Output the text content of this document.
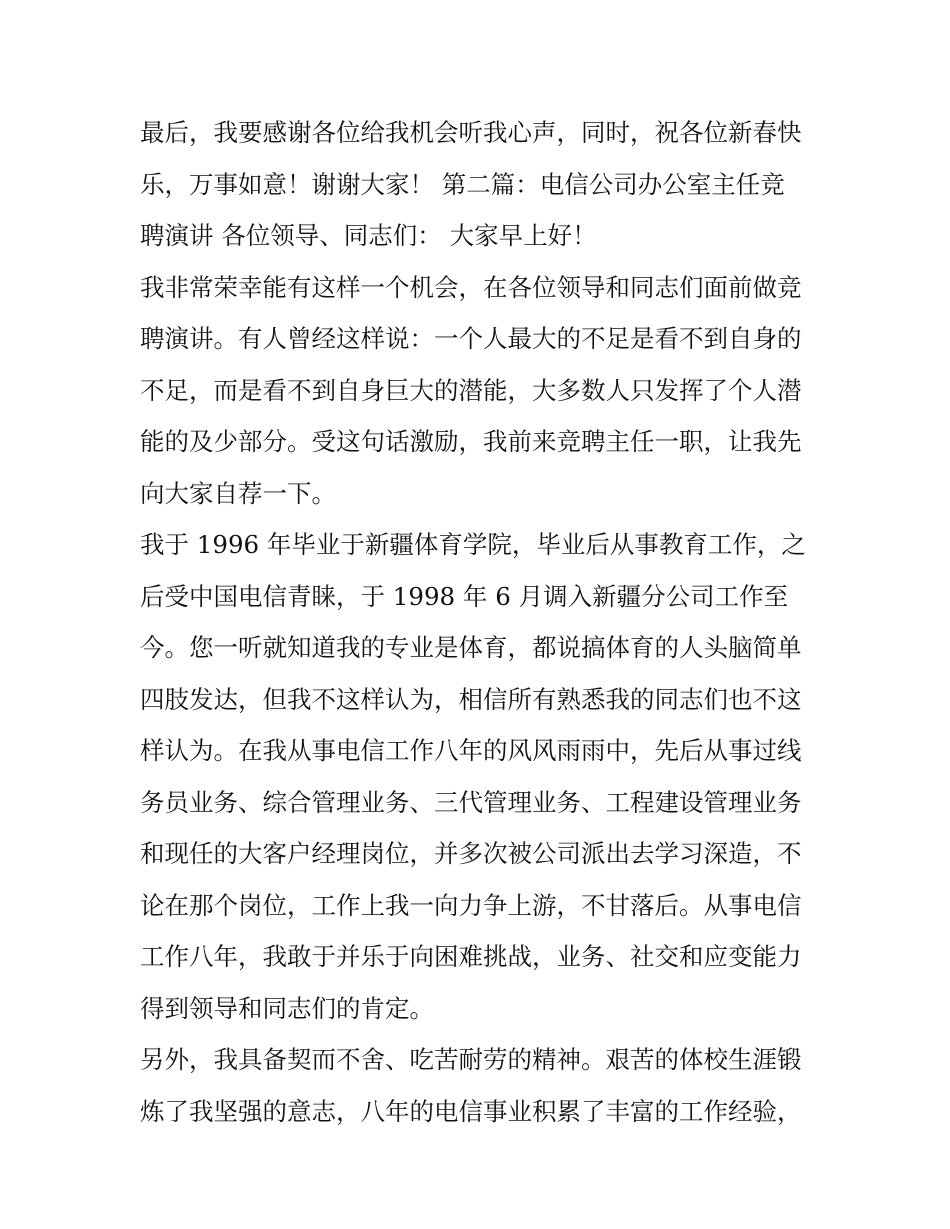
最后，我要感谢各位给我机会听我心声，同时，祝各位新春快
乐，万事如意！谢谢大家！ 第二篇：电信公司办公室主任竞
聘演讲 各位领导、同志们： 大家早上好！
我非常荣幸能有这样一个机会，在各位领导和同志们面前做竞
聘演讲。有人曾经这样说：一个人最大的不足是看不到自身的
不足，而是看不到自身巨大的潜能，大多数人只发挥了个人潜
能的及少部分。受这句话激励，我前来竞聘主任一职，让我先
向大家自荐一下。
我于 1996 年毕业于新疆体育学院，毕业后从事教育工作，之
后受中国电信青睐，于 1998 年 6 月调入新疆分公司工作至
今。您一听就知道我的专业是体育，都说搞体育的人头脑简单
四肢发达，但我不这样认为，相信所有熟悉我的同志们也不这
样认为。在我从事电信工作八年的风风雨雨中，先后从事过线
务员业务、综合管理业务、三代管理业务、工程建设管理业务
和现任的大客户经理岗位，并多次被公司派出去学习深造，不
论在那个岗位，工作上我一向力争上游，不甘落后。从事电信
工作八年，我敢于并乐于向困难挑战，业务、社交和应变能力
得到领导和同志们的肯定。
另外，我具备契而不舍、吃苦耐劳的精神。艰苦的体校生涯锻
炼了我坚强的意志，八年的电信事业积累了丰富的工作经验，
